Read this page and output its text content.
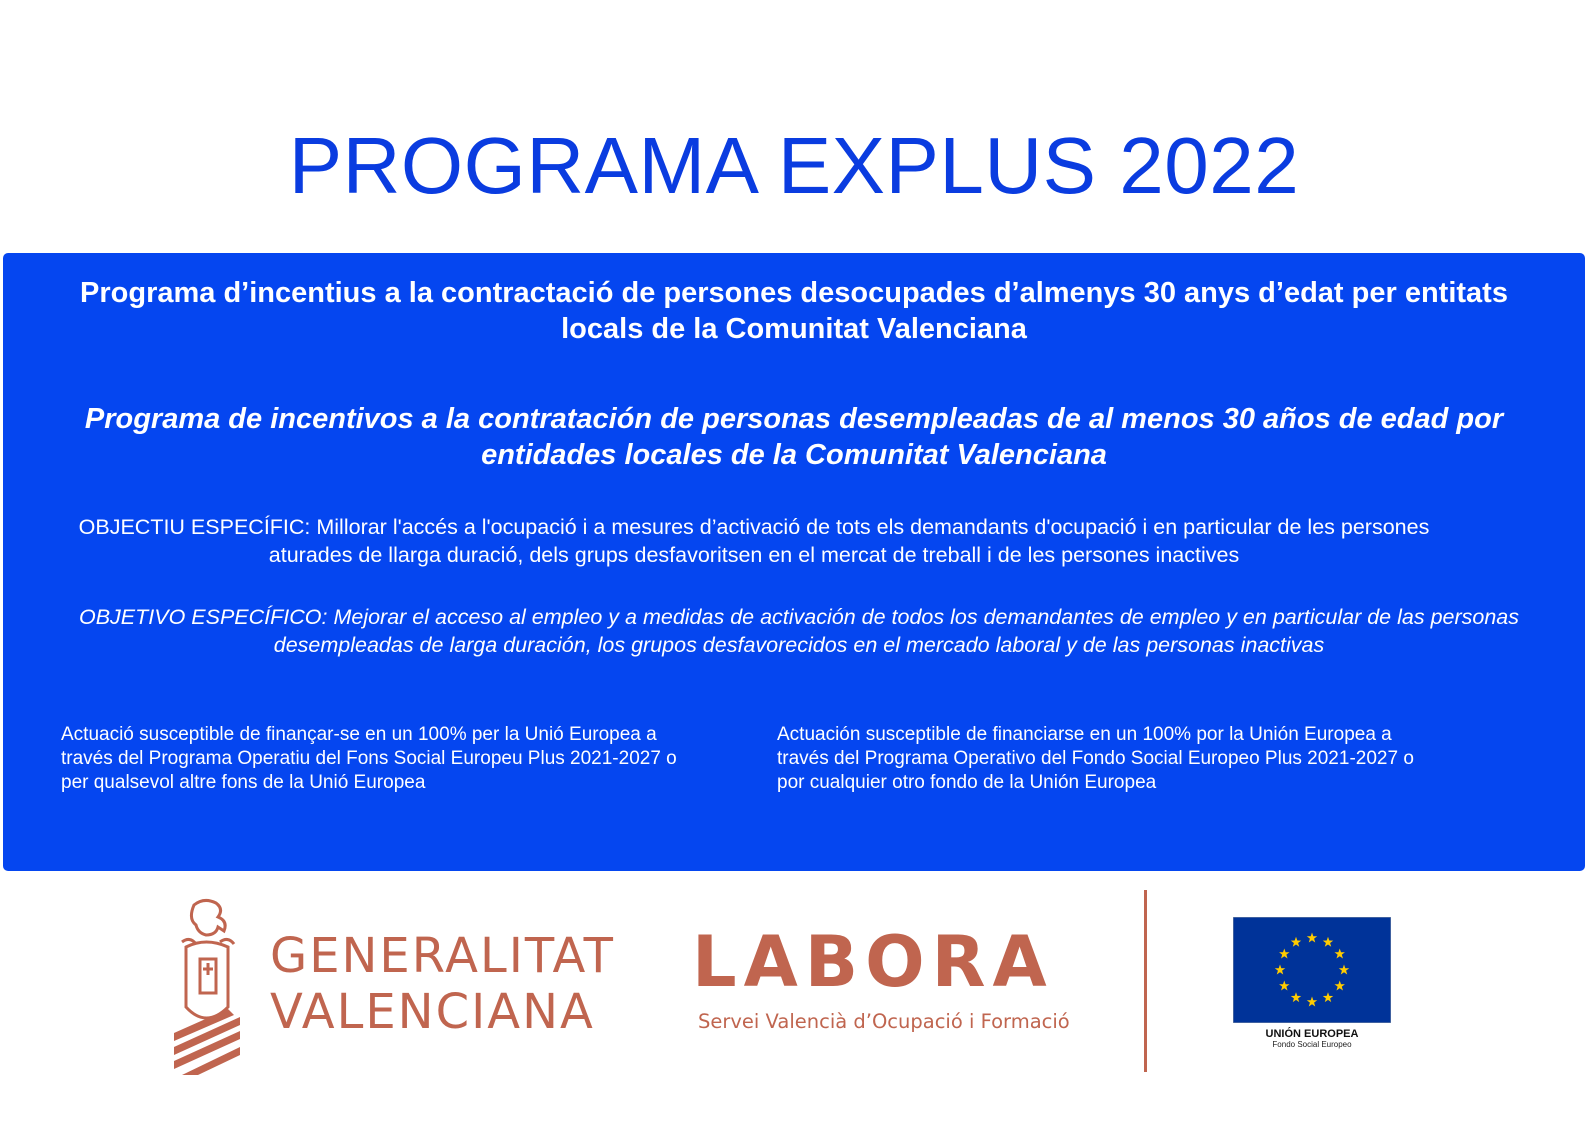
PROGRAMA EXPLUS 2022
Programa d’incentius a la contractació de persones desocupades d’almenys 30 anys d’edat per entitats locals de la Comunitat Valenciana
Programa de incentivos a la contratación de personas desempleadas de al menos 30 años de edad por entidades locales de la Comunitat Valenciana
OBJECTIU ESPECÍFIC: Millorar l'accés a l'ocupació i a mesures d’activació de tots els demandants d'ocupació i en particular de les persones aturades de llarga duració, dels grups desfavoritsen en el mercat de treball i de les persones inactives
OBJETIVO ESPECÍFICO: Mejorar el acceso al empleo y a medidas de activación de todos los demandantes de empleo y en particular de las personas desempleadas de larga duración, los grupos desfavorecidos en el mercado laboral y de las personas inactivas
Actuació susceptible de finançar-se en un 100% per la Unió Europea a
través del Programa Operatiu del Fons Social Europeu Plus 2021-2027 o
per qualsevol altre fons de la Unió Europea
Actuación susceptible de financiarse en un 100% por la Unión Europea a
través del Programa Operativo del Fondo Social Europeo Plus 2021-2027 o
por cualquier otro fondo de la Unión Europea
GENERALITAT
VALENCIANA
LABORA
Servei Valencià d’Ocupació i Formació
UNIÓN EUROPEA
Fondo Social Europeo
